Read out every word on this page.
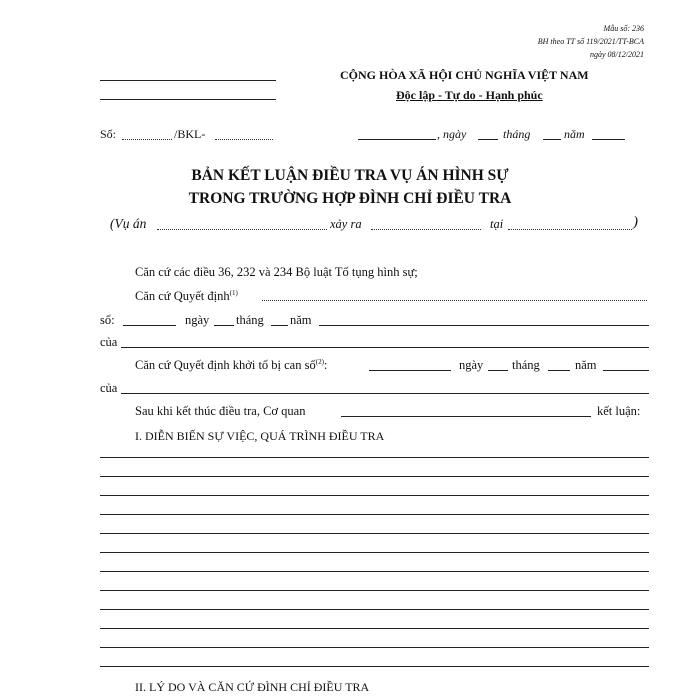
Mẫu số: 236
BH theo TT số 119/2021/TT-BCA
ngày 08/12/2021
CỘNG HÒA XÃ HỘI CHỦ NGHĨA VIỆT NAM
Độc lập - Tự do - Hạnh phúc
Số:	/BKL-	, ngày	tháng	năm
BẢN KẾT LUẬN ĐIỀU TRA VỤ ÁN HÌNH SỰ
TRONG TRƯỜNG HỢP ĐÌNH CHỈ ĐIỀU TRA
(Vụ án	xảy ra	tại	)
Căn cứ các điều 36, 232 và 234 Bộ luật Tố tụng hình sự;
Căn cứ Quyết định$^{(1)}$
số:	ngày tháng năm
của
Căn cứ Quyết định khởi tố bị can số$^{(2)}$:	ngày tháng	năm
của
Sau khi kết thúc điều tra, Cơ quan	kết luận:
I. DIỄN BIẾN SỰ VIỆC, QUÁ TRÌNH ĐIỀU TRA
II. LÝ DO VÀ CĂN CỨ ĐÌNH CHỈ ĐIỀU TRA
